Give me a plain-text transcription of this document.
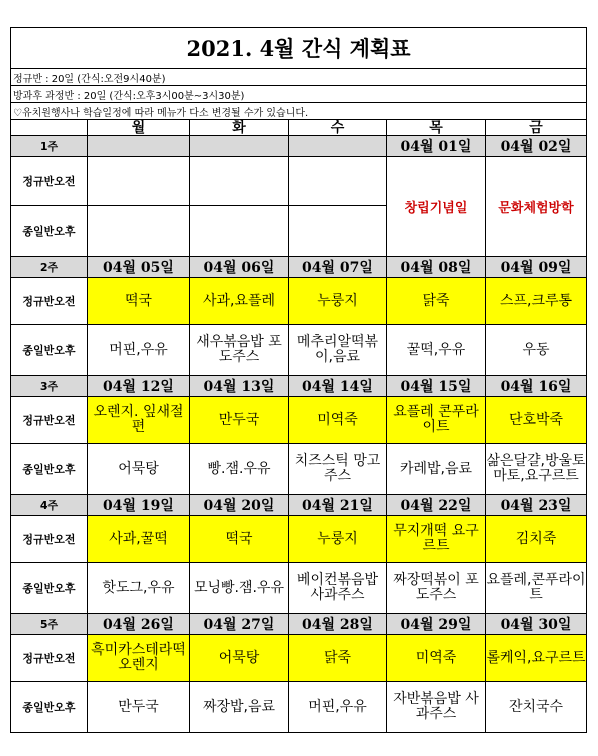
2021. 4월 간식 계획표					
정규반 : 20일 (간식:오전9시40분)					
방과후 과정반 : 20일 (간식:오후3시00분~3시30분)					
♡유치원행사나 학습일정에 따라 메뉴가 다소 변경될 수가 있습니다.					
	월	화	수	목	금
1주				04월 01일	04월 02일
정규반오전				창립기념일	문화체험방학
종일반오후					
2주	04월 05일	04월 06일	04월 07일	04월 08일	04월 09일
정규반오전	떡국	사과,요플레	누룽지	닭죽	스프,크루통
종일반오후	머핀,우유	새우볶음밥 포도주스	메추리알떡볶이,음료	꿀떡,우유	우동
3주	04월 12일	04월 13일	04월 14일	04월 15일	04월 16일
정규반오전	오렌지. 잎새절편	만두국	미역죽	요플레 콘푸라이트	단호박죽
종일반오후	어묵탕	빵.잼.우유	치즈스틱 망고주스	카레밥,음료	삶은달걀,방울토마토,요구르트
4주	04월 19일	04월 20일	04월 21일	04월 22일	04월 23일
정규반오전	사과,꿀떡	떡국	누룽지	무지개떡 요구르트	김치죽
종일반오후	핫도그,우유	모닝빵.잼.우유	베이컨볶음밥 사과주스	짜장떡볶이 포도주스	요플레,콘푸라이트
5주	04월 26일	04월 27일	04월 28일	04월 29일	04월 30일
정규반오전	흑미카스테라떡 오렌지	어묵탕	닭죽	미역죽	롤케익,요구르트
종일반오후	만두국	짜장밥,음료	머핀,우유	자반볶음밥 사과주스	잔치국수
